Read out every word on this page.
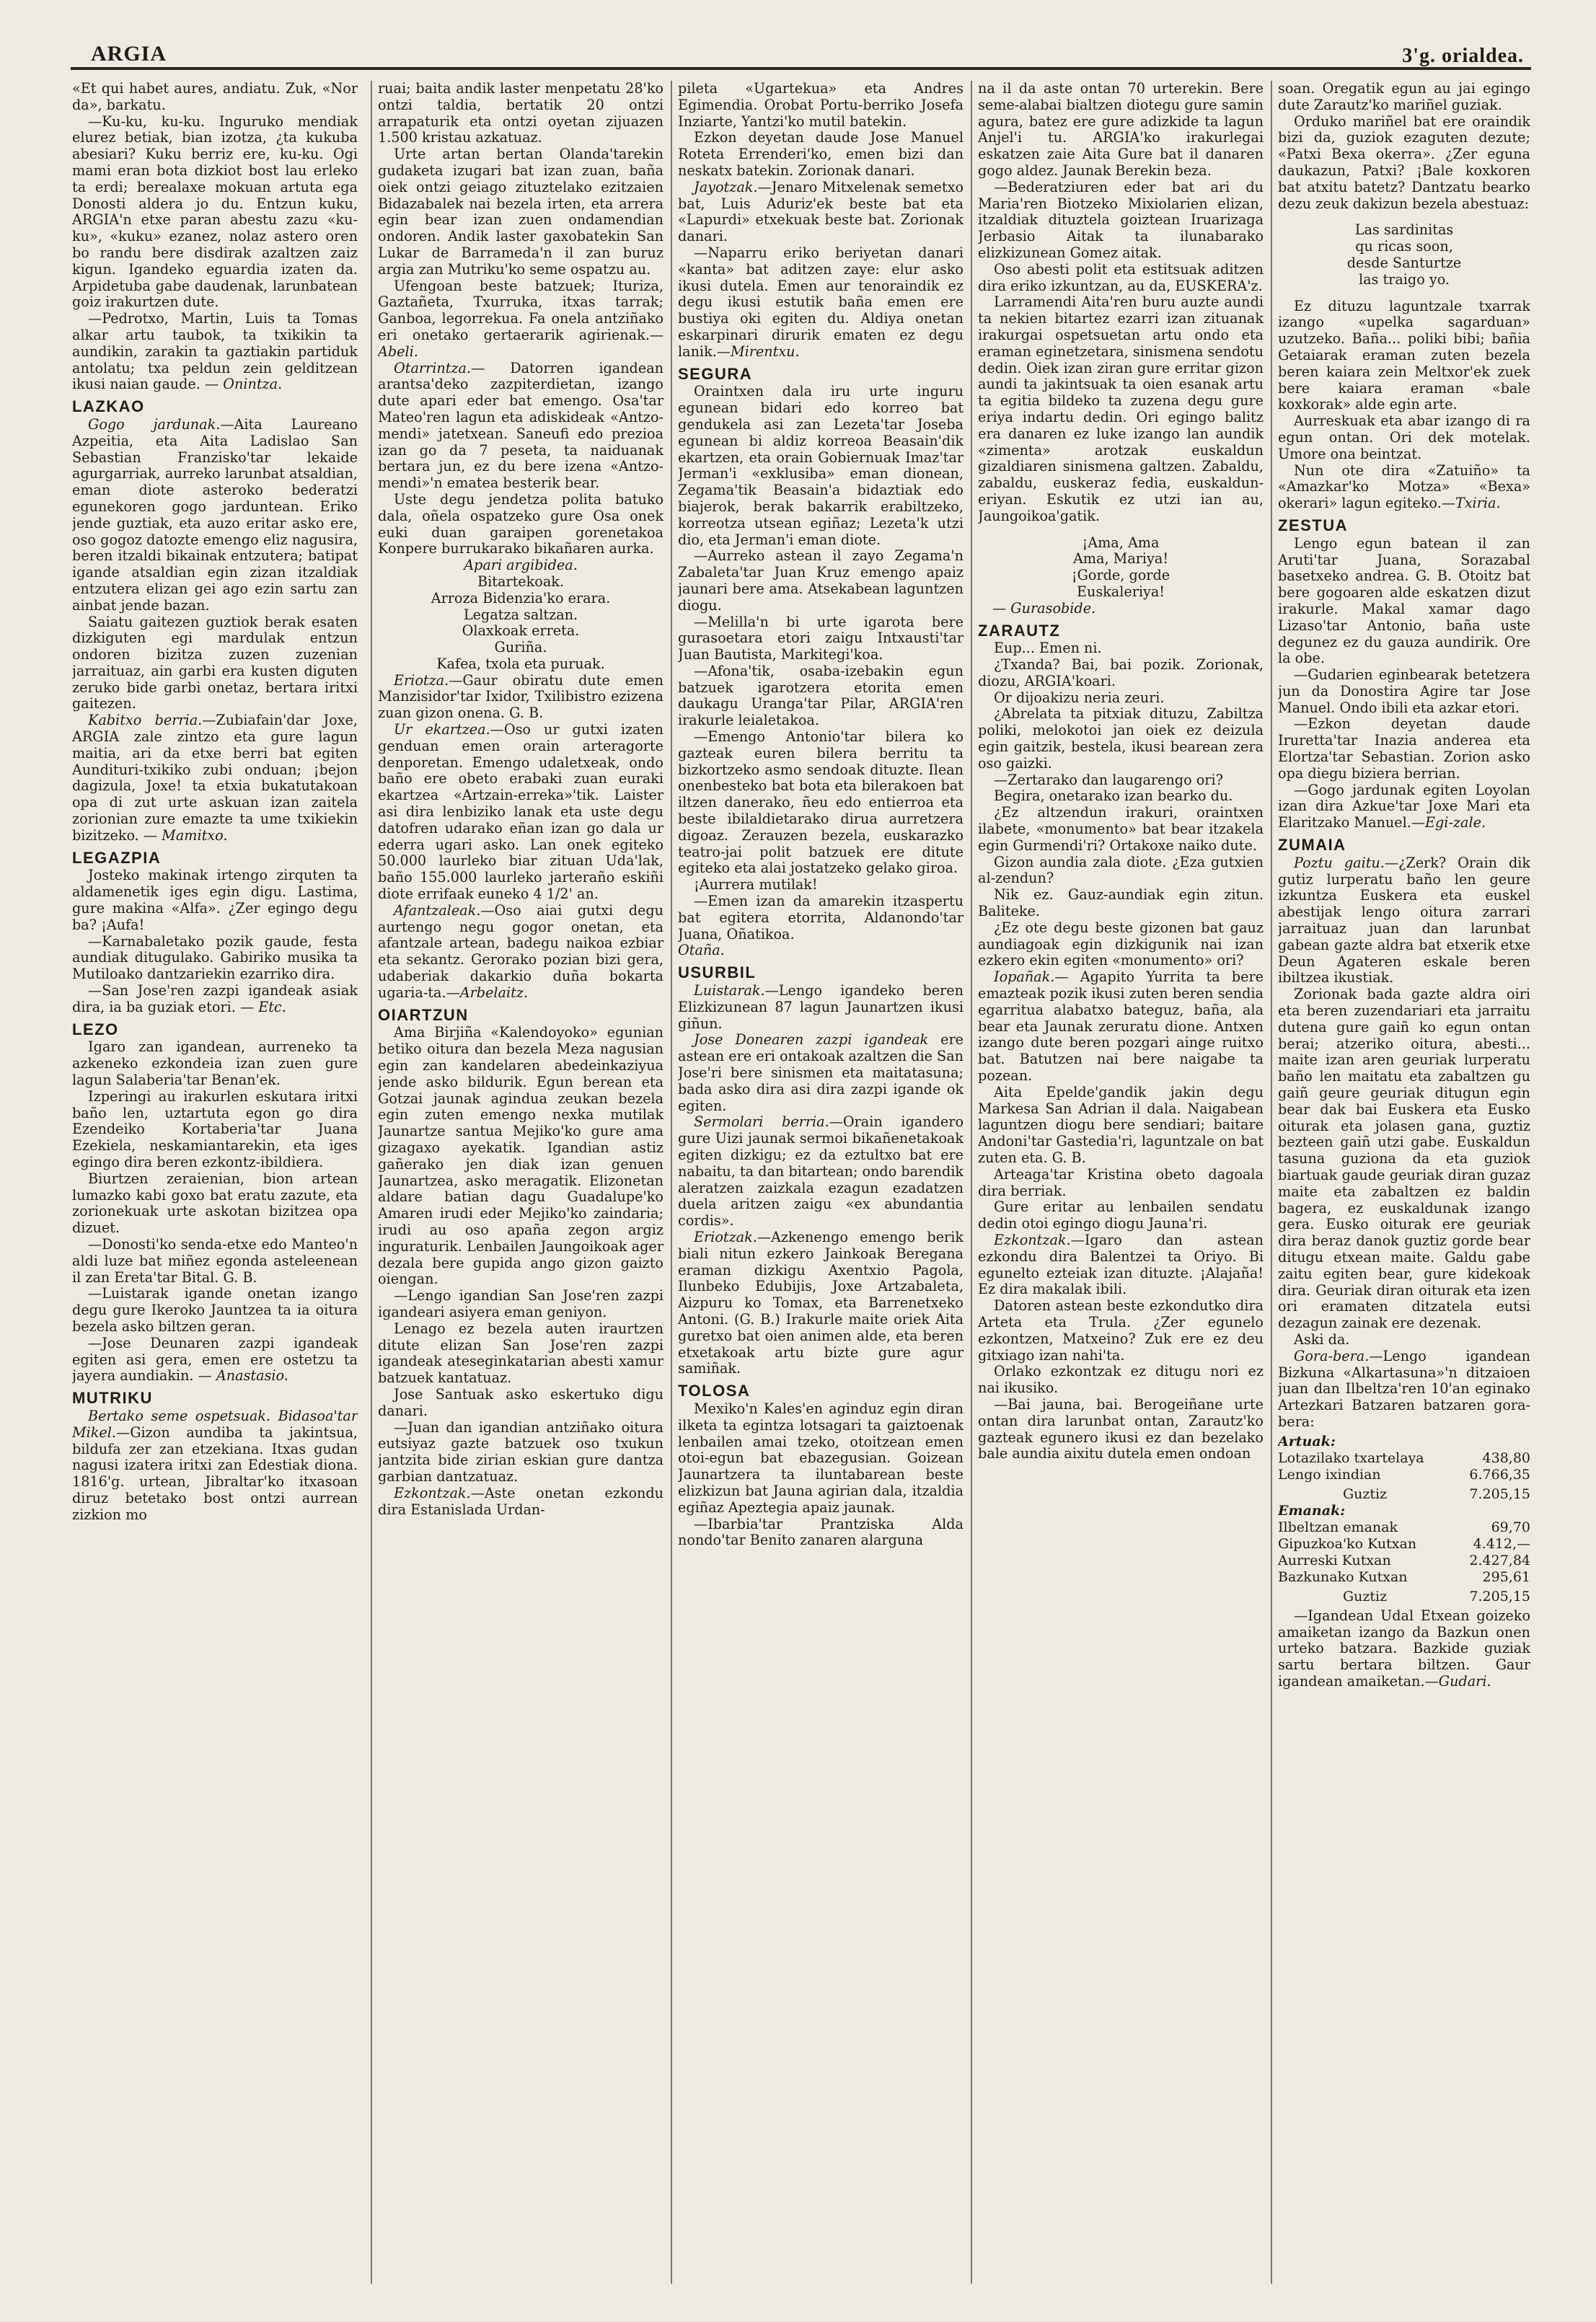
ARGIA	3'g. orialdea.

«Et qui habet aures, andiatu. Zuk, «Nor da», barkatu.

—Ku-ku, ku-ku. Inguruko mendiak elurez betiak, bian izotza, ¿ta kukuba abesiari? Kuku berriz ere, ku-ku. Ogi mami eran bota dizkiot bost lau erleko ta erdi; berealaxe mokuan artuta ega Donosti aldera jo du. Entzun kuku, ARGIA'n etxe paran abestu zazu «ku-ku», «kuku» ezanez, nolaz astero oren bo randu bere disdirak azaltzen zaiz kigun. Igandeko eguardia izaten da. Arpidetuba gabe daudenak, larunbatean goiz irakurtzen dute.

—Pedrotxo, Martin, Luis ta Tomas alkar artu taubok, ta txikikin ta aundikin, zarakin ta gaztiakin partiduk antolatu; txa peldun zein gelditzean ikusi naian gaude. — Onintza.

LAZKAO

Gogo jardunak.—Aita Laureano Azpeitia, eta Aita Ladislao San Sebastian Franzisko'tar lekaide agurgarriak, aurreko larunbat atsaldian, eman diote asteroko bederatzi egunekoren gogo jarduntean. Eriko jende guztiak, eta auzo eritar asko ere, oso gogoz datozte emengo eliz nagusira, beren itzaldi bikainak entzutera; batipat igande atsaldian egin zizan itzaldiak entzutera elizan gei ago ezin sartu zan ainbat jende bazan.

Saiatu gaitezen guztiok berak esaten dizkiguten egi mardulak entzun ondoren bizitza zuzen zuzenian jarraituaz, ain garbi era kusten diguten zeruko bide garbi onetaz, bertara iritxi gaitezen.

Kabitxo berria.—Zubiafain'dar Joxe, ARGIA zale zintzo eta gure lagun maitia, ari da etxe berri bat egiten Aundituri-txikiko zubi onduan; ¡bejon dagizula, Joxe! ta etxia bukatutakoan opa di zut urte askuan izan zaitela zorionian zure emazte ta ume txikiekin bizitzeko. — Mamitxo.

LEGAZPIA

Josteko makinak irtengo zirquten ta aldamenetik iges egin digu. Lastima, gure makina «Alfa». ¿Zer egingo degu ba? ¡Aufa!

—Karnabaletako pozik gaude, festa aundiak ditugulako. Gabiriko musika ta Mutiloako dantzariekin ezarriko dira.

—San Jose'ren zazpi igandeak asiak dira, ia ba guziak etori. — Etc.

LEZO

Igaro zan igandean, aurreneko ta azkeneko ezkondeia izan zuen gure lagun Salaberia'tar Benan'ek.

Izperingi au irakurlen eskutara iritxi baño len, uztartuta egon go dira Ezendeiko Kortaberia'tar Juana Ezekiela, neskamiantarekin, eta iges egingo dira beren ezkontz-ibildiera.

Biurtzen zeraienian, bion artean lumazko kabi goxo bat eratu zazute, eta zorionekuak urte askotan bizitzea opa dizuet.

—Donosti'ko senda-etxe edo Manteo'n aldi luze bat miñez egonda asteleenean il zan Ereta'tar Bital. G. B.

—Luistarak igande onetan izango degu gure Ikeroko Jauntzea ta ia oitura bezela asko biltzen geran.

—Jose Deunaren zazpi igandeak egiten asi gera, emen ere ostetzu ta jayera aundiakin. — Anastasio.

MUTRIKU

Bertako seme ospetsuak. Bidasoa'tar Mikel.—Gizon aundiba ta jakintsua, bildufa zer zan etzekiana. Itxas gudan nagusi izatera iritxi zan Edestiak diona. 1816'g. urtean, Jibraltar'ko itxasoan diruz betetako bost ontzi aurrean zizkion mo

ruai; baita andik laster menpetatu 28'ko ontzi taldia, bertatik 20 ontzi arrapaturik eta ontzi oyetan zijuazen 1.500 kristau azkatuaz.

Urte artan bertan Olanda'tarekin gudaketa izugari bat izan zuan, baña oiek ontzi geiago zituztelako ezitzaien Bidazabalek nai bezela irten, eta arrera egin bear izan zuen ondamendian ondoren. Andik laster gaxobatekin San Lukar de Barrameda'n il zan buruz argia zan Mutriku'ko seme ospatzu au.

Ufengoan beste batzuek; Ituriza, Gaztañeta, Txurruka, itxas tarrak; Ganboa, legorrekua. Fa onela antziñako eri onetako gertaerarik agirienak.—Abeli.

Otarrintza.— Datorren igandean arantsa'deko zazpiterdietan, izango dute apari eder bat emengo. Osa'tar Mateo'ren lagun eta adiskideak «Antzo-mendi» jatetxean. Saneufi edo prezioa izan go da 7 peseta, ta naiduanak bertara jun, ez du bere izena «Antzo-mendi»'n ematea besterik bear.

Uste degu jendetza polita batuko dala, oñela ospatzeko gure Osa onek euki duan garaipen gorenetakoa Konpere burrukarako bikañaren aurka.

Apari argibidea.

Bitartekoak.

Arroza Bidenzia'ko erara.

Legatza saltzan.

Olaxkoak erreta.

Guriña.

Kafea, txola eta puruak.

Eriotza.—Gaur obiratu dute emen Manzisidor'tar Ixidor, Txilibistro ezizena zuan gizon onena. G. B.

Ur ekartzea.—Oso ur gutxi izaten genduan emen orain arteragorte denporetan. Emengo udaletxeak, ondo baño ere obeto erabaki zuan euraki ekartzea «Artzain-erreka»'tik. Laister asi dira lenbiziko lanak eta uste degu datofren udarako eñan izan go dala ur ederra ugari asko. Lan onek egiteko 50.000 laurleko biar zituan Uda'lak, baño 155.000 laurleko jarteraño eskiñi diote errifaak euneko 4 1/2' an.

Afantzaleak.—Oso aiai gutxi degu aurtengo negu gogor onetan, eta afantzale artean, badegu naikoa ezbiar eta sekantz. Gerorako pozian bizi gera, udaberiak dakarkio duña bokarta ugaria-ta.—Arbelaitz.

OIARTZUN

Ama Birjiña «Kalendoyoko» egunian betiko oitura dan bezela Meza nagusian egin zan kandelaren abedeinkaziyua jende asko bildurik. Egun berean eta Gotzai jaunak agindua zeukan bezela egin zuten emengo nexka mutilak Jaunartze santua Mejiko'ko gure ama gizagaxo ayekatik. Igandian astiz gañerako jen diak izan genuen Jaunartzea, asko meragatik. Elizonetan aldare batian dagu Guadalupe'ko Amaren irudi eder Mejiko'ko zaindaria; irudi au oso apaña zegon argiz inguraturik. Lenbailen Jaungoikoak ager dezala bere gupida ango gizon gaizto oiengan.

—Lengo igandian San Jose'ren zazpi igandeari asiyera eman geniyon.

Lenago ez bezela auten iraurtzen ditute elizan San Jose'ren zazpi igandeak ateseginkatarian abesti xamur batzuek kantatuaz.

Jose Santuak asko eskertuko digu danari.

—Juan dan igandian antziñako oitura eutsiyaz gazte batzuek oso txukun jantzita bide zirian eskian gure dantza garbian dantzatuaz.

Ezkontzak.—Aste onetan ezkondu dira Estanislada Urdan-

pileta «Ugartekua» eta Andres Egimendia. Orobat Portu-berriko Josefa Inziarte, Yantzi'ko mutil batekin.

Ezkon deyetan daude Jose Manuel Roteta Errenderi'ko, emen bizi dan neskatx batekin. Zorionak danari.

Jayotzak.—Jenaro Mitxelenak semetxo bat, Luis Aduriz'ek beste bat eta «Lapurdi» etxekuak beste bat. Zorionak danari.

—Naparru eriko beriyetan danari «kanta» bat aditzen zaye: elur asko ikusi dutela. Emen aur tenoraindik ez degu ikusi estutik baña emen ere bustiya oki egiten du. Aldiya onetan eskarpinari dirurik ematen ez degu lanik.—Mirentxu.

SEGURA

Oraintxen dala iru urte inguru egunean bidari edo korreo bat gendukela asi zan Lezeta'tar Joseba egunean bi aldiz korreoa Beasain'dik ekartzen, eta orain Gobiernuak Imaz'tar Jerman'i «exklusiba» eman dionean, Zegama'tik Beasain'a bidaztiak edo biajerok, berak bakarrik erabiltzeko, korreotza utsean egiñaz; Lezeta'k utzi dio, eta Jerman'i eman diote.

—Aurreko astean il zayo Zegama'n Zabaleta'tar Juan Kruz emengo apaiz jaunari bere ama. Atsekabean laguntzen diogu.

—Melilla'n bi urte igarota bere gurasoetara etori zaigu Intxausti'tar Juan Bautista, Markitegi'koa.

—Afona'tik, osaba-izebakin egun batzuek igarotzera etorita emen daukagu Uranga'tar Pilar, ARGIA'ren irakurle leialetakoa.

—Emengo Antonio'tar bilera ko gazteak euren bilera berritu ta bizkortzeko asmo sendoak dituzte. Ilean onenbesteko bat bota eta bilerakoen bat iltzen danerako, ñeu edo entierroa eta beste ibilaldietarako dirua aurretzera digoaz. Zerauzen bezela, euskarazko teatro-jai polit batzuek ere ditute egiteko eta alai jostatzeko gelako giroa.

¡Aurrera mutilak!

—Emen izan da amarekin itzaspertu bat egitera etorrita, Aldanondo'tar Juana, Oñatikoa.

Otaña.

USURBIL

Luistarak.—Lengo igandeko beren Elizkizunean 87 lagun Jaunartzen ikusi giñun.

Jose Donearen zazpi igandeak ere astean ere eri ontakoak azaltzen die San Jose'ri bere sinismen eta maitatasuna; bada asko dira asi dira zazpi igande ok egiten.

Sermolari berria.—Orain igandero gure Uizi jaunak sermoi bikañenetakoak egiten dizkigu; ez da eztultxo bat ere nabaitu, ta dan bitartean; ondo barendik aleratzen zaizkala ezagun ezadatzen duela aritzen zaigu «ex abundantia cordis».

Eriotzak.—Azkenengo emengo berik biali nitun ezkero Jainkoak Beregana eraman dizkigu Axentxio Pagola, Ilunbeko Edubijis, Joxe Artzabaleta, Aizpuru ko Tomax, eta Barrenetxeko Antoni. (G. B.) Irakurle maite oriek Aita guretxo bat oien animen alde, eta beren etxetakoak artu bizte gure agur samiñak.

TOLOSA

Mexiko'n Kales'en aginduz egin diran ilketa ta egintza lotsagari ta gaiztoenak lenbailen amai tzeko, otoitzean emen otoi-egun bat ebazegusian. Goizean Jaunartzera ta iluntabarean beste elizkizun bat Jauna agirian dala, itzaldia egiñaz Apeztegia apaiz jaunak.

—Ibarbia'tar Prantziska Alda nondo'tar Benito zanaren alarguna

na il da aste ontan 70 urterekin. Bere seme-alabai bialtzen diotegu gure samin agura, batez ere gure adizkide ta lagun Anjel'i tu. ARGIA'ko irakurlegai eskatzen zaie Aita Gure bat il danaren gogo aldez. Jaunak Berekin beza.

—Bederatziuren eder bat ari du Maria'ren Biotzeko Mixiolarien elizan, itzaldiak dituztela goiztean Iruarizaga Jerbasio Aitak ta ilunabarako elizkizunean Gomez aitak.

Oso abesti polit eta estitsuak aditzen dira eriko izkuntzan, au da, EUSKERA'z.

Larramendi Aita'ren buru auzte aundi ta nekien bitartez ezarri izan zituanak irakurgai ospetsuetan artu ondo eta eraman eginetzetara, sinismena sendotu dedin. Oiek izan ziran gure erritar gizon aundi ta jakintsuak ta oien esanak artu ta egitia bildeko ta zuzena degu gure eriya indartu dedin. Ori egingo balitz era danaren ez luke izango lan aundik «zimenta» arotzak euskaldun gizaldiaren sinismena galtzen. Zabaldu, zabaldu, euskeraz fedia, euskaldun-eriyan. Eskutik ez utzi ian au, Jaungoikoa'gatik.

¡Ama, Ama

Ama, Mariya!

¡Gorde, gorde

Euskaleriya!

— Gurasobide.

ZARAUTZ

Eup... Emen ni.

¿Txanda? Bai, bai pozik. Zorionak, diozu, ARGIA'koari.

Or dijoakizu neria zeuri.

¿Abrelata ta pitxiak dituzu, Zabiltza poliki, melokotoi jan oiek ez deizula egin gaitzik, bestela, ikusi bearean zera oso gaizki.

—Zertarako dan laugarengo ori?

Begira, onetarako izan bearko du.

¿Ez altzendun irakuri, oraintxen ilabete, «monumento» bat bear itzakela egin Gurmendi'ri? Ortakoxe naiko dute.

Gizon aundia zala diote. ¿Eza gutxien al-zendun?

Nik ez. Gauz-aundiak egin zitun. Baliteke.

¿Ez ote degu beste gizonen bat gauz aundiagoak egin dizkigunik nai izan ezkero ekin egiten «monumento» ori?

Iopañak.— Agapito Yurrita ta bere emazteak pozik ikusi zuten beren sendia egarritua alabatxo bateguz, baña, ala bear eta Jaunak zeruratu dione. Antxen izango dute beren pozgari ainge ruitxo bat. Batutzen nai bere naigabe ta pozean.

Aita Epelde'gandik jakin degu Markesa San Adrian il dala. Naigabean laguntzen diogu bere sendiari; baitare Andoni'tar Gastedia'ri, laguntzale on bat zuten eta. G. B.

Arteaga'tar Kristina obeto dagoala dira berriak.

Gure eritar au lenbailen sendatu dedin otoi egingo diogu Jauna'ri.

Ezkontzak.—Igaro dan astean ezkondu dira Balentzei ta Oriyo. Bi egunelto ezteiak izan dituzte. ¡Alajaña! Ez dira makalak ibili.

Datoren astean beste ezkondutko dira Arteta eta Trula. ¿Zer egunelo ezkontzen, Matxeino? Zuk ere ez deu gitxiago izan nahi'ta.

Orlako ezkontzak ez ditugu nori ez nai ikusiko.

—Bai jauna, bai. Berogeiñane urte ontan dira larunbat ontan, Zarautz'ko gazteak egunero ikusi ez dan bezelako bale aundia aixitu dutela emen ondoan

soan. Oregatik egun au jai egingo dute Zarautz'ko mariñel guziak.

Orduko mariñel bat ere oraindik bizi da, guziok ezaguten dezute; «Patxi Bexa okerra». ¿Zer eguna daukazun, Patxi? ¡Bale koxkoren bat atxitu batetz? Dantzatu bearko dezu zeuk dakizun bezela abestuaz:

Las sardinitas

qu ricas soon,

desde Santurtze

las traigo yo.

Ez dituzu laguntzale txarrak izango «upelka sagarduan» uzutzeko. Baña... poliki bibi; bañia Getaiarak eraman zuten bezela beren kaiara zein Meltxor'ek zuek bere kaiara eraman «bale koxkorak» alde egin arte.

Aurreskuak eta abar izango di ra egun ontan. Ori dek motelak. Umore ona beintzat.

Nun ote dira «Zatuiño» ta «Amazkar'ko Motza» «Bexa» okerari» lagun egiteko.—Txiria.

ZESTUA

Lengo egun batean il zan Aruti'tar Juana, Sorazabal basetxeko andrea. G. B. Otoitz bat bere gogoaren alde eskatzen dizut irakurle. Makal xamar dago Lizaso'tar Antonio, baña uste degunez ez du gauza aundirik. Ore la obe.

—Gudarien eginbearak betetzera jun da Donostira Agire tar Jose Manuel. Ondo ibili eta azkar etori.

—Ezkon deyetan daude Iruretta'tar Inazia anderea eta Elortza'tar Sebastian. Zorion asko opa diegu biziera berrian.

—Gogo jardunak egiten Loyolan izan dira Azkue'tar Joxe Mari eta Elaritzako Manuel.—Egi-zale.

ZUMAIA

Poztu gaitu.—¿Zerk? Orain dik gutiz lurperatu baño len geure izkuntza Euskera eta euskel abestijak lengo oitura zarrari jarraituaz juan dan larunbat gabean gazte aldra bat etxerik etxe Deun Agateren eskale beren ibiltzea ikustiak.

Zorionak bada gazte aldra oiri eta beren zuzendariari eta jarraitu dutena gure gaiñ ko egun ontan berai; atzeriko oitura, abesti... maite izan aren geuriak lurperatu baño len maitatu eta zabaltzen gu gaiñ geure geuriak ditugun egin bear dak bai Euskera eta Eusko oiturak eta jolasen gana, guztiz bezteen gaiñ utzi gabe. Euskaldun tasuna guziona da eta guziok biartuak gaude geuriak diran guzaz maite eta zabaltzen ez baldin bagera, ez euskaldunak izango gera. Eusko oiturak ere geuriak dira beraz danok guztiz gorde bear ditugu etxean maite. Galdu gabe zaitu egiten bear, gure kidekoak dira. Geuriak diran oiturak eta izen ori eramaten ditzatela eutsi dezagun zainak ere dezenak.

Aski da.

Gora-bera.—Lengo igandean Bizkuna «Alkartasuna»'n ditzaioen juan dan Ilbeltza'ren 10'an eginako Artezkari Batzaren batzaren gora-bera:

Artuak:	
Lotazilako txartelaya	438,80
Lengo ixindian	6.766,35
Guztiz	7.205,15
Emanak:	
Ilbeltzan emanak	69,70
Gipuzkoa'ko Kutxan	4.412,—
Aurreski Kutxan	2.427,84
Bazkunako Kutxan	295,61
Guztiz	7.205,15

—Igandean Udal Etxean goizeko amaiketan izango da Bazkun onen urteko batzara. Bazkide guziak sartu bertara biltzen. Gaur igandean amaiketan.—Gudari.
